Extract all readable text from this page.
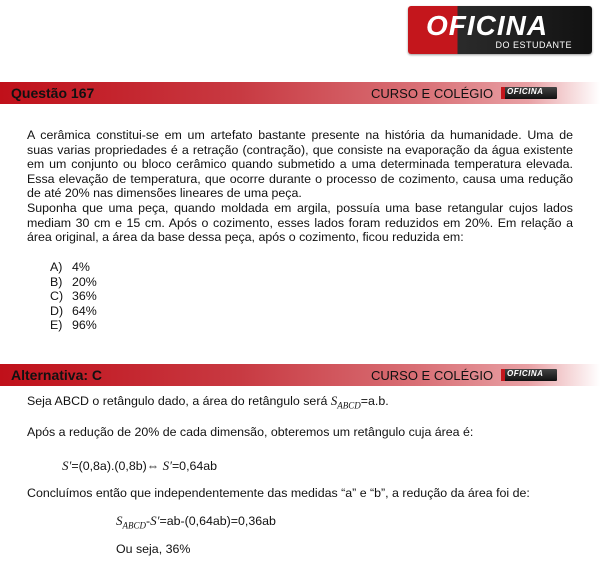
OFICINA
DO ESTUDANTE
Questão 167	CURSO E COLÉGIO OFICINA

A cerâmica constitui-se em um artefato bastante presente na história da humanidade. Uma de suas varias propriedades é a retração (contração), que consiste na evaporação da água existente em um conjunto ou bloco cerâmico quando submetido a uma determinada temperatura elevada. Essa elevação de temperatura, que ocorre durante o processo de cozimento, causa uma redução de até 20% nas dimensões lineares de uma peça.

Suponha que uma peça, quando moldada em argila, possuía uma base retangular cujos lados mediam 30 cm e 15 cm. Após o cozimento, esses lados foram reduzidos em 20%. Em relação a área original, a área da base dessa peça, após o cozimento, ficou reduzida em:

A) 4%
B) 20%
C) 36%
D) 64%
E) 96%
Alternativa: C	CURSO E COLÉGIO OFICINA
Seja ABCD o retângulo dado, a área do retângulo será $S_{ABCD}=a.b$.
Após a redução de 20% de cada dimensão, obteremos um retângulo cuja área é:
S′=(0,8a).(0,8b)⇔ S′=0,64ab
Concluímos então que independentemente das medidas “a” e “b”, a redução da área foi de:
$S_{ABCD}-S'=ab-(0,64ab)=0,36ab$
Ou seja, 36%
